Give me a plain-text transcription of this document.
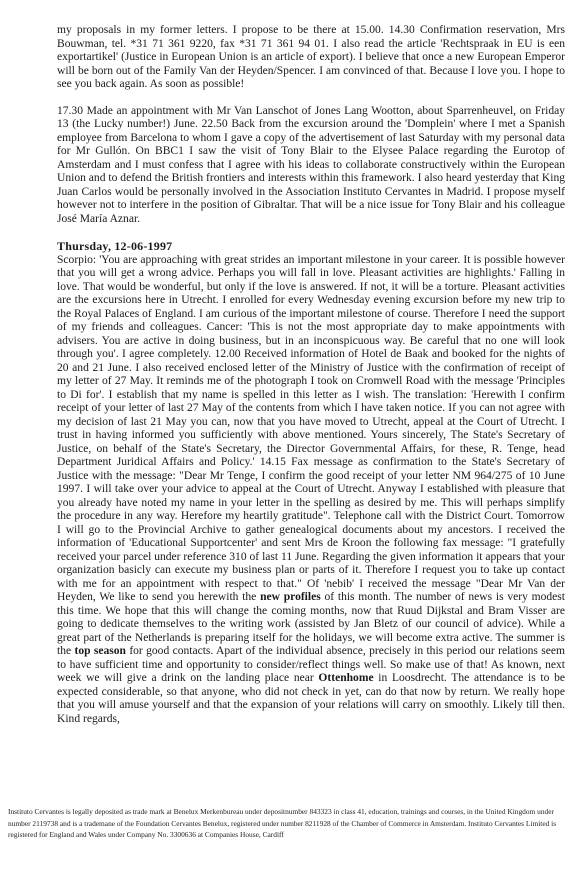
my proposals in my former letters. I propose to be there at 15.00. 14.30 Confirmation reservation, Mrs Bouwman, tel. *31 71 361 9220, fax *31 71 361 94 01. I also read the article 'Rechtspraak in EU is een exportartikel' (Justice in European Union is an article of export). I believe that once a new European Emperor will be born out of the Family Van der Heyden/Spencer. I am convinced of that. Because I love you. I hope to see you back again. As soon as possible!

17.30 Made an appointment with Mr Van Lanschot of Jones Lang Wootton, about Sparrenheuvel, on Friday 13 (the Lucky number!) June. 22.50 Back from the excursion around the 'Domplein' where I met a Spanish employee from Barcelona to whom I gave a copy of the advertisement of last Saturday with my personal data for Mr Gullón. On BBC1 I saw the visit of Tony Blair to the Elysee Palace regarding the Eurotop of Amsterdam and I must confess that I agree with his ideas to collaborate constructively within the European Union and to defend the British frontiers and interests within this framework. I also heard yesterday that King Juan Carlos would be personally involved in the Association Instituto Cervantes in Madrid. I propose myself however not to interfere in the position of Gibraltar. That will be a nice issue for Tony Blair and his colleague José María Aznar.

Thursday, 12-06-1997

Scorpio: 'You are approaching with great strides an important milestone in your career. It is possible however that you will get a wrong advice. Perhaps you will fall in love. Pleasant activities are highlights.' Falling in love. That would be wonderful, but only if the love is answered. If not, it will be a torture. Pleasant activities are the excursions here in Utrecht. I enrolled for every Wednesday evening excursion before my new trip to the Royal Palaces of England. I am curious of the important milestone of course. Therefore I need the support of my friends and colleagues. Cancer: 'This is not the most appropriate day to make appointments with advisers. You are active in doing business, but in an inconspicuous way. Be careful that no one will look through you'. I agree completely. 12.00 Received information of Hotel de Baak and booked for the nights of 20 and 21 June. I also received enclosed letter of the Ministry of Justice with the confirmation of receipt of my letter of 27 May. It reminds me of the photograph I took on Cromwell Road with the message 'Principles to Di for'. I establish that my name is spelled in this letter as I wish. The translation: 'Herewith I confirm receipt of your letter of last 27 May of the contents from which I have taken notice. If you can not agree with my decision of last 21 May you can, now that you have moved to Utrecht, appeal at the Court of Utrecht. I trust in having informed you sufficiently with above mentioned. Yours sincerely, The State's Secretary of Justice, on behalf of the State's Secretary, the Director Governmental Affairs, for these, R. Tenge, head Department Juridical Affairs and Policy.' 14.15 Fax message as confirmation to the State's Secretary of Justice with the message: "Dear Mr Tenge, I confirm the good receipt of your letter NM 964/275 of 10 June 1997. I will take over your advice to appeal at the Court of Utrecht. Anyway I established with pleasure that you already have noted my name in your letter in the spelling as desired by me. This will perhaps simplify the procedure in any way. Herefore my heartily gratitude". Telephone call with the District Court. Tomorrow I will go to the Provincial Archive to gather genealogical documents about my ancestors. I received the information of 'Educational Supportcenter' and sent Mrs de Kroon the following fax message: "I gratefully received your parcel under reference 310 of last 11 June. Regarding the given information it appears that your organization basicly can execute my business plan or parts of it. Therefore I request you to take up contact with me for an appointment with respect to that." Of 'nebib' I received the message "Dear Mr Van der Heyden, We like to send you herewith the new profiles of this month. The number of news is very modest this time. We hope that this will change the coming months, now that Ruud Dijkstal and Bram Visser are going to dedicate themselves to the writing work (assisted by Jan Bletz of our council of advice). While a great part of the Netherlands is preparing itself for the holidays, we will become extra active. The summer is the top season for good contacts. Apart of the individual absence, precisely in this period our relations seem to have sufficient time and opportunity to consider/reflect things well. So make use of that! As known, next week we will give a drink on the landing place near Ottenhome in Loosdrecht. The attendance is to be expected considerable, so that anyone, who did not check in yet, can do that now by return. We really hope that you will amuse yourself and that the expansion of your relations will carry on smoothly. Likely till then. Kind regards,

Instituto Cervantes is legally deposited as trade mark at Benelux Merkenbureau under depositnumber 843323 in class 41, education, trainings and courses, in the United Kingdom under number 2119738 and is a trademane of the Foundation Cervantes Benelux, registered under number 8211928 of the Chamber of Commerce in Amsterdam. Instituto Cervantes Limited is registered for England and Wales under Company No. 3300636 at Companies House, Cardiff
